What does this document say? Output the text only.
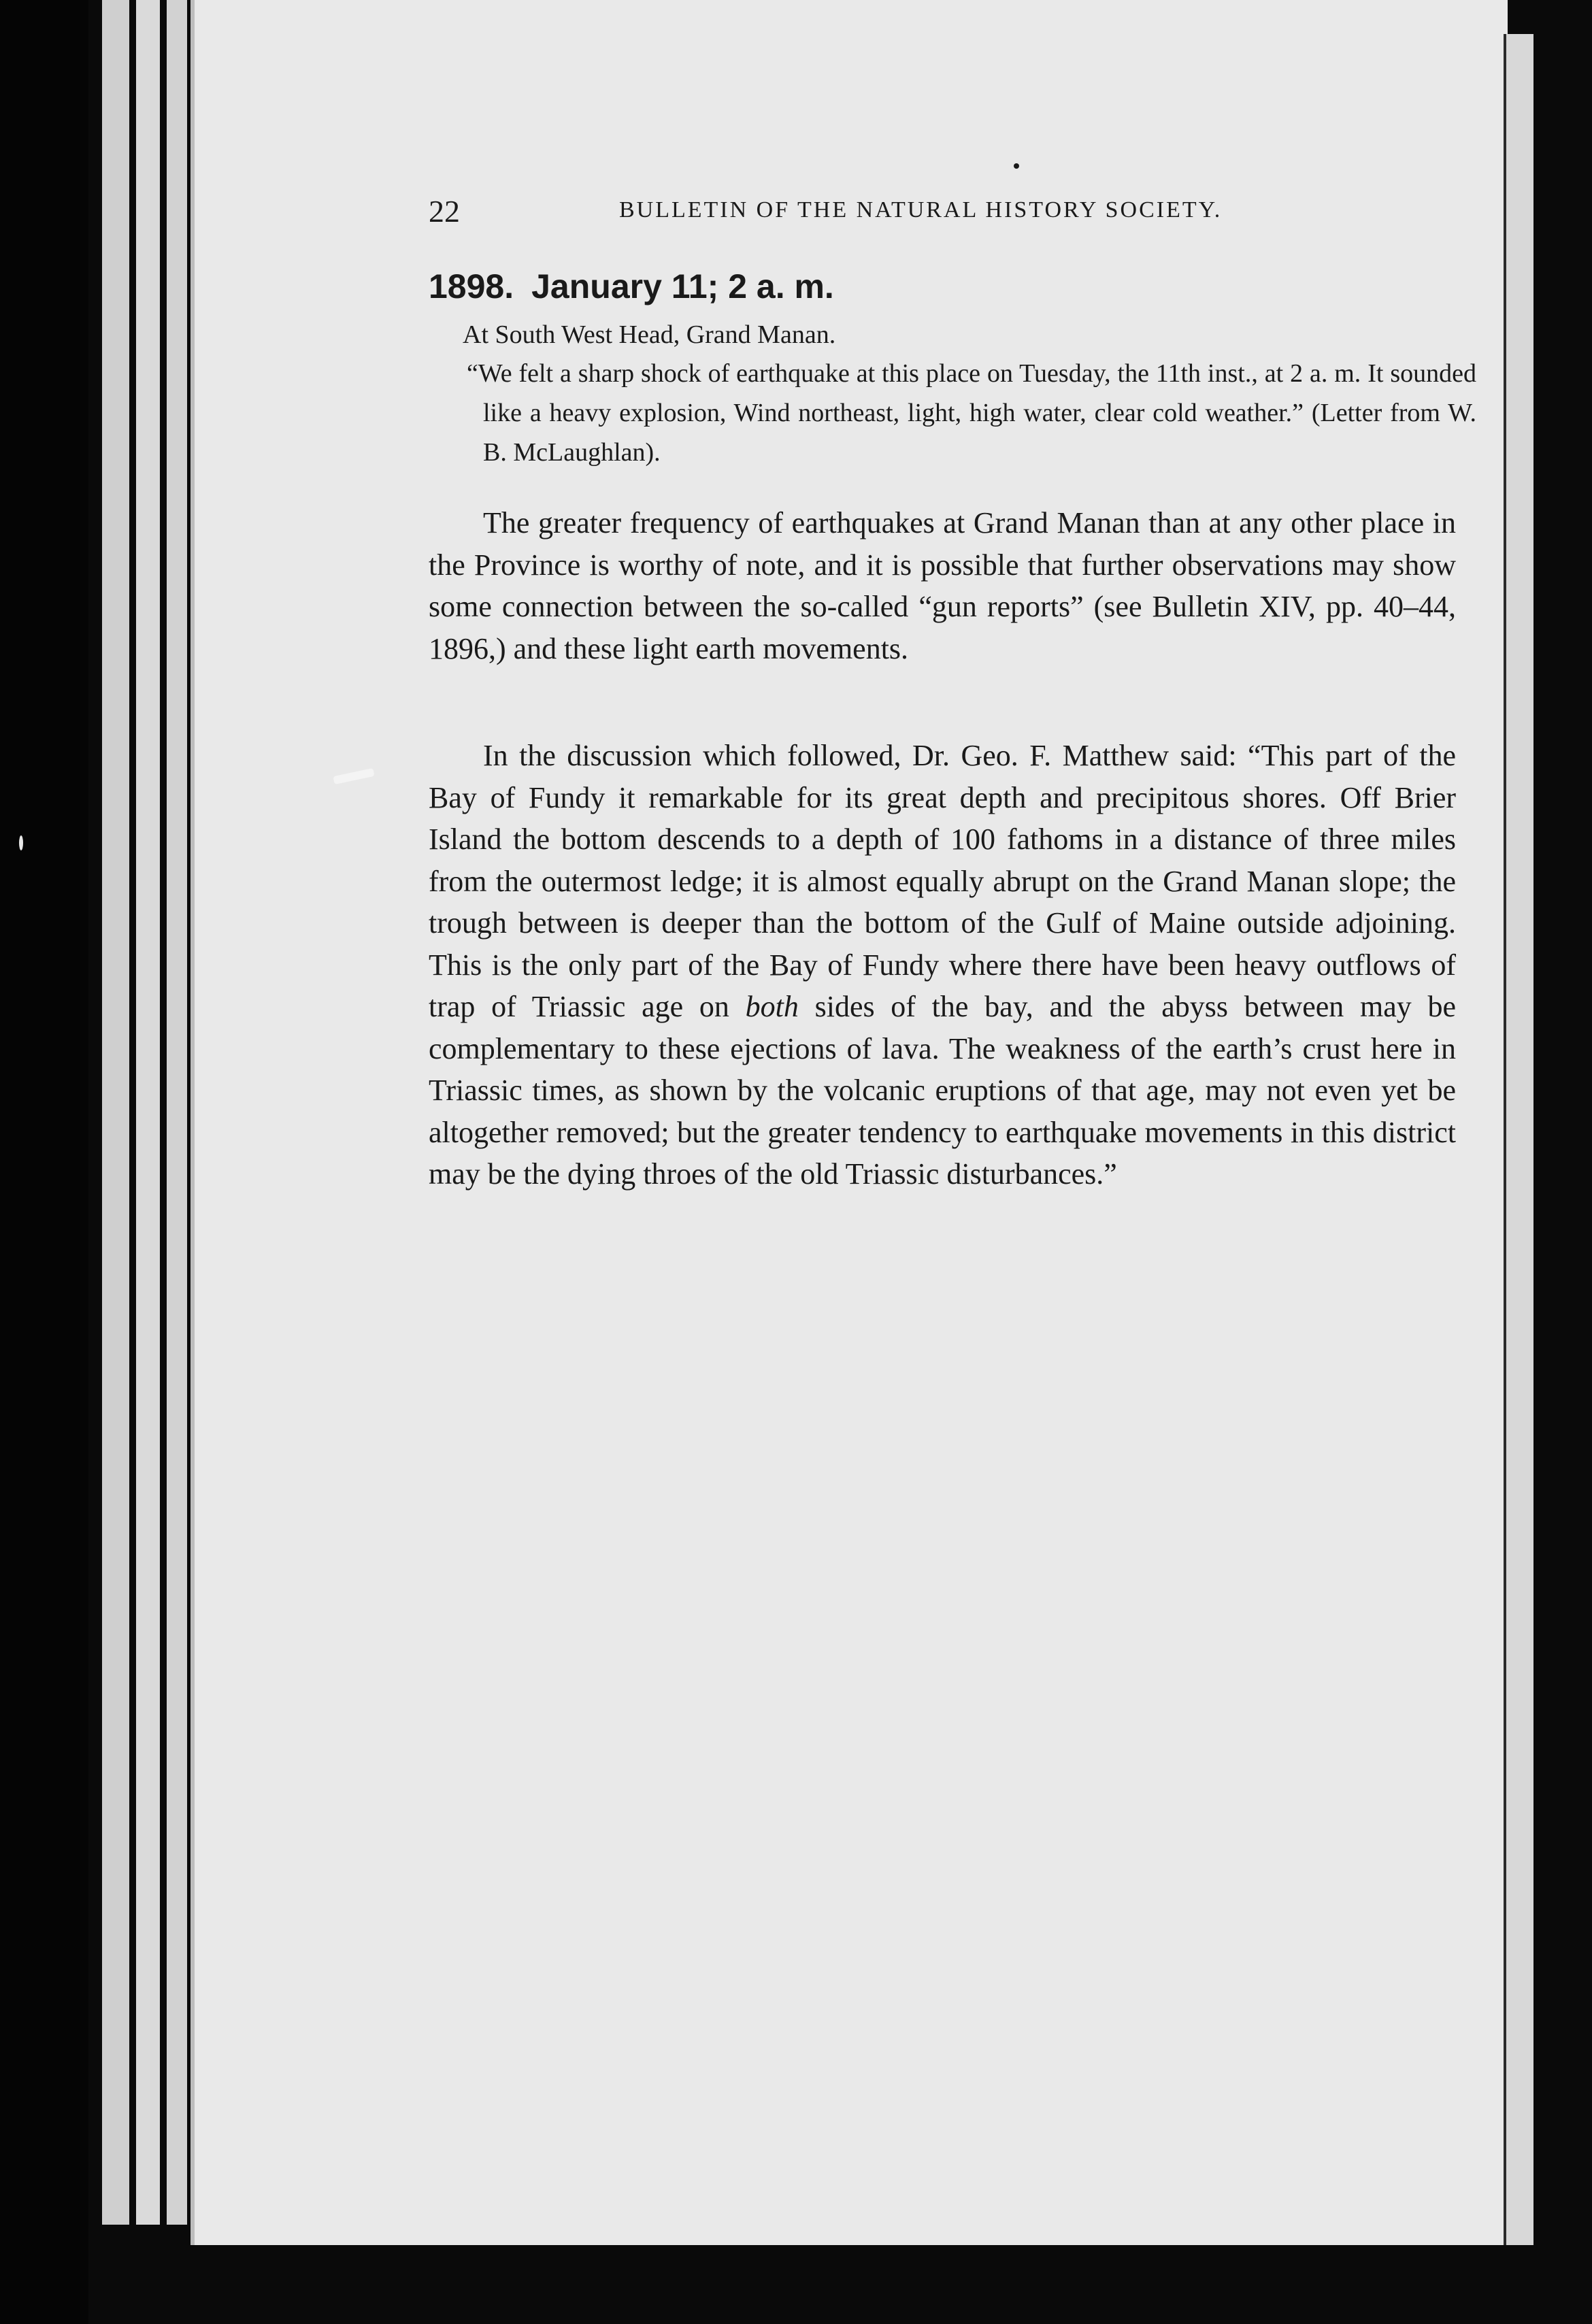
22	BULLETIN OF THE NATURAL HISTORY SOCIETY.
1898. January 11; 2 a. m.
At South West Head, Grand Manan.
“We felt a sharp shock of earthquake at this place on Tuesday, the 11th inst., at 2 a. m. It sounded like a heavy explosion, Wind northeast, light, high water, clear cold weather.” (Letter from W. B. McLaughlan).
The greater frequency of earthquakes at Grand Manan than at any other place in the Province is worthy of note, and it is possible that further observations may show some connection between the so-called “gun reports” (see Bulletin XIV, pp. 40–44, 1896,) and these light earth movements.
In the discussion which followed, Dr. Geo. F. Matthew said: “This part of the Bay of Fundy it remarkable for its great depth and precipitous shores. Off Brier Island the bottom descends to a depth of 100 fathoms in a distance of three miles from the outermost ledge; it is almost equally abrupt on the Grand Manan slope; the trough between is deeper than the bottom of the Gulf of Maine outside adjoining. This is the only part of the Bay of Fundy where there have been heavy outflows of trap of Triassic age on both sides of the bay, and the abyss between may be complementary to these ejections of lava. The weakness of the earth’s crust here in Triassic times, as shown by the volcanic eruptions of that age, may not even yet be altogether removed; but the greater tendency to earthquake movements in this district may be the dying throes of the old Triassic disturbances.”
